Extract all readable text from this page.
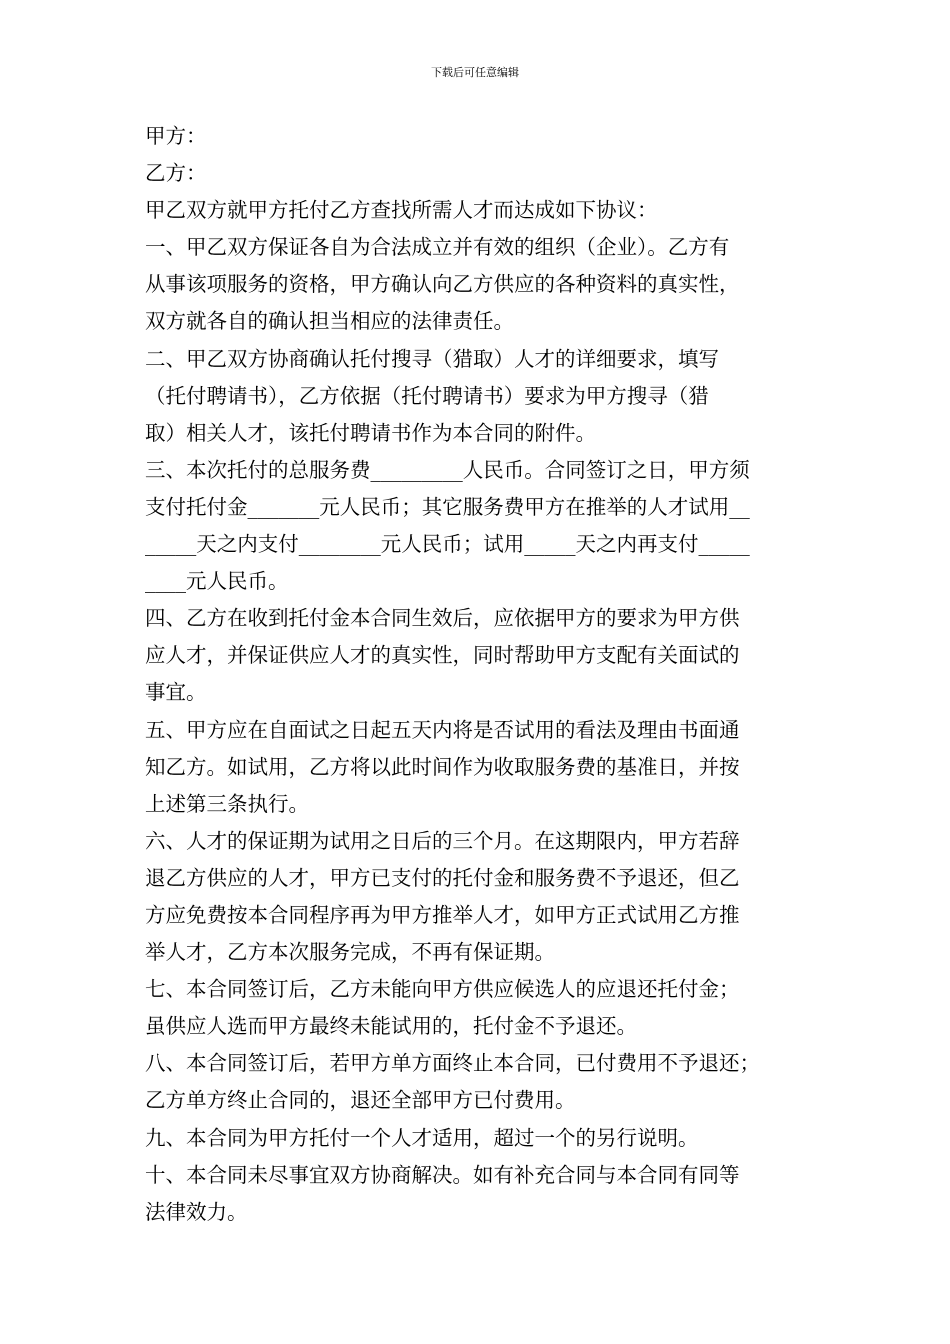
下载后可任意编辑
甲方：
乙方：
甲乙双方就甲方托付乙方查找所需人才而达成如下协议：
一、甲乙双方保证各自为合法成立并有效的组织（企业）。乙方有
从事该项服务的资格，甲方确认向乙方供应的各种资料的真实性，
双方就各自的确认担当相应的法律责任。
二、甲乙双方协商确认托付搜寻（猎取）人才的详细要求，填写
（托付聘请书），乙方依据（托付聘请书）要求为甲方搜寻（猎
取）相关人才，该托付聘请书作为本合同的附件。
三、本次托付的总服务费_________人民币。合同签订之日，甲方须
支付托付金_______元人民币；其它服务费甲方在推举的人才试用__
_____天之内支付________元人民币；试用_____天之内再支付_____
____元人民币。
四、乙方在收到托付金本合同生效后，应依据甲方的要求为甲方供
应人才，并保证供应人才的真实性，同时帮助甲方支配有关面试的
事宜。
五、甲方应在自面试之日起五天内将是否试用的看法及理由书面通
知乙方。如试用，乙方将以此时间作为收取服务费的基准日，并按
上述第三条执行。
六、人才的保证期为试用之日后的三个月。在这期限内，甲方若辞
退乙方供应的人才，甲方已支付的托付金和服务费不予退还，但乙
方应免费按本合同程序再为甲方推举人才，如甲方正式试用乙方推
举人才，乙方本次服务完成，不再有保证期。
七、本合同签订后，乙方未能向甲方供应候选人的应退还托付金；
虽供应人选而甲方最终未能试用的，托付金不予退还。
八、本合同签订后，若甲方单方面终止本合同，已付费用不予退还；
乙方单方终止合同的，退还全部甲方已付费用。
九、本合同为甲方托付一个人才适用，超过一个的另行说明。
十、本合同未尽事宜双方协商解决。如有补充合同与本合同有同等
法律效力。
